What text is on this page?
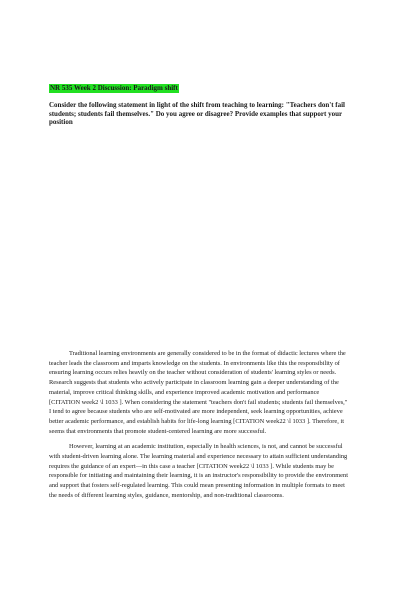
NR 535 Week 2 Discussion: Paradigm shift
Consider the following statement in light of the shift from teaching to learning: "Teachers don't fail students; students fail themselves." Do you agree or disagree? Provide examples that support your position

Traditional learning environments are generally considered to be in the format of didactic lectures where the teacher leads the classroom and imparts knowledge on the students. In environments like this the responsibility of ensuring learning occurs relies heavily on the teacher without consideration of students' learning styles or needs. Research suggests that students who actively participate in classroom learning gain a deeper understanding of the material, improve critical thinking skills, and experience improved academic motivation and performance [CITATION week2 \l 1033 ]. When considering the statement "teachers don't fail students; students fail themselves," I tend to agree because students who are self-motivated are more independent, seek learning opportunities, achieve better academic performance, and establish habits for life-long learning [CITATION week22 \l 1033 ]. Therefore, it seems that environments that promote student-centered learning are more successful.

However, learning at an academic institution, especially in health sciences, is not, and cannot be successful with student-driven learning alone. The learning material and experience necessary to attain sufficient understanding requires the guidance of an expert—in this case a teacher [CITATION week22 \l 1033 ]. While students may be responsible for initiating and maintaining their learning, it is an instructor's responsibility to provide the environment and support that fosters self-regulated learning. This could mean presenting information in multiple formats to meet the needs of different learning styles, guidance, mentorship, and non-traditional classrooms.
